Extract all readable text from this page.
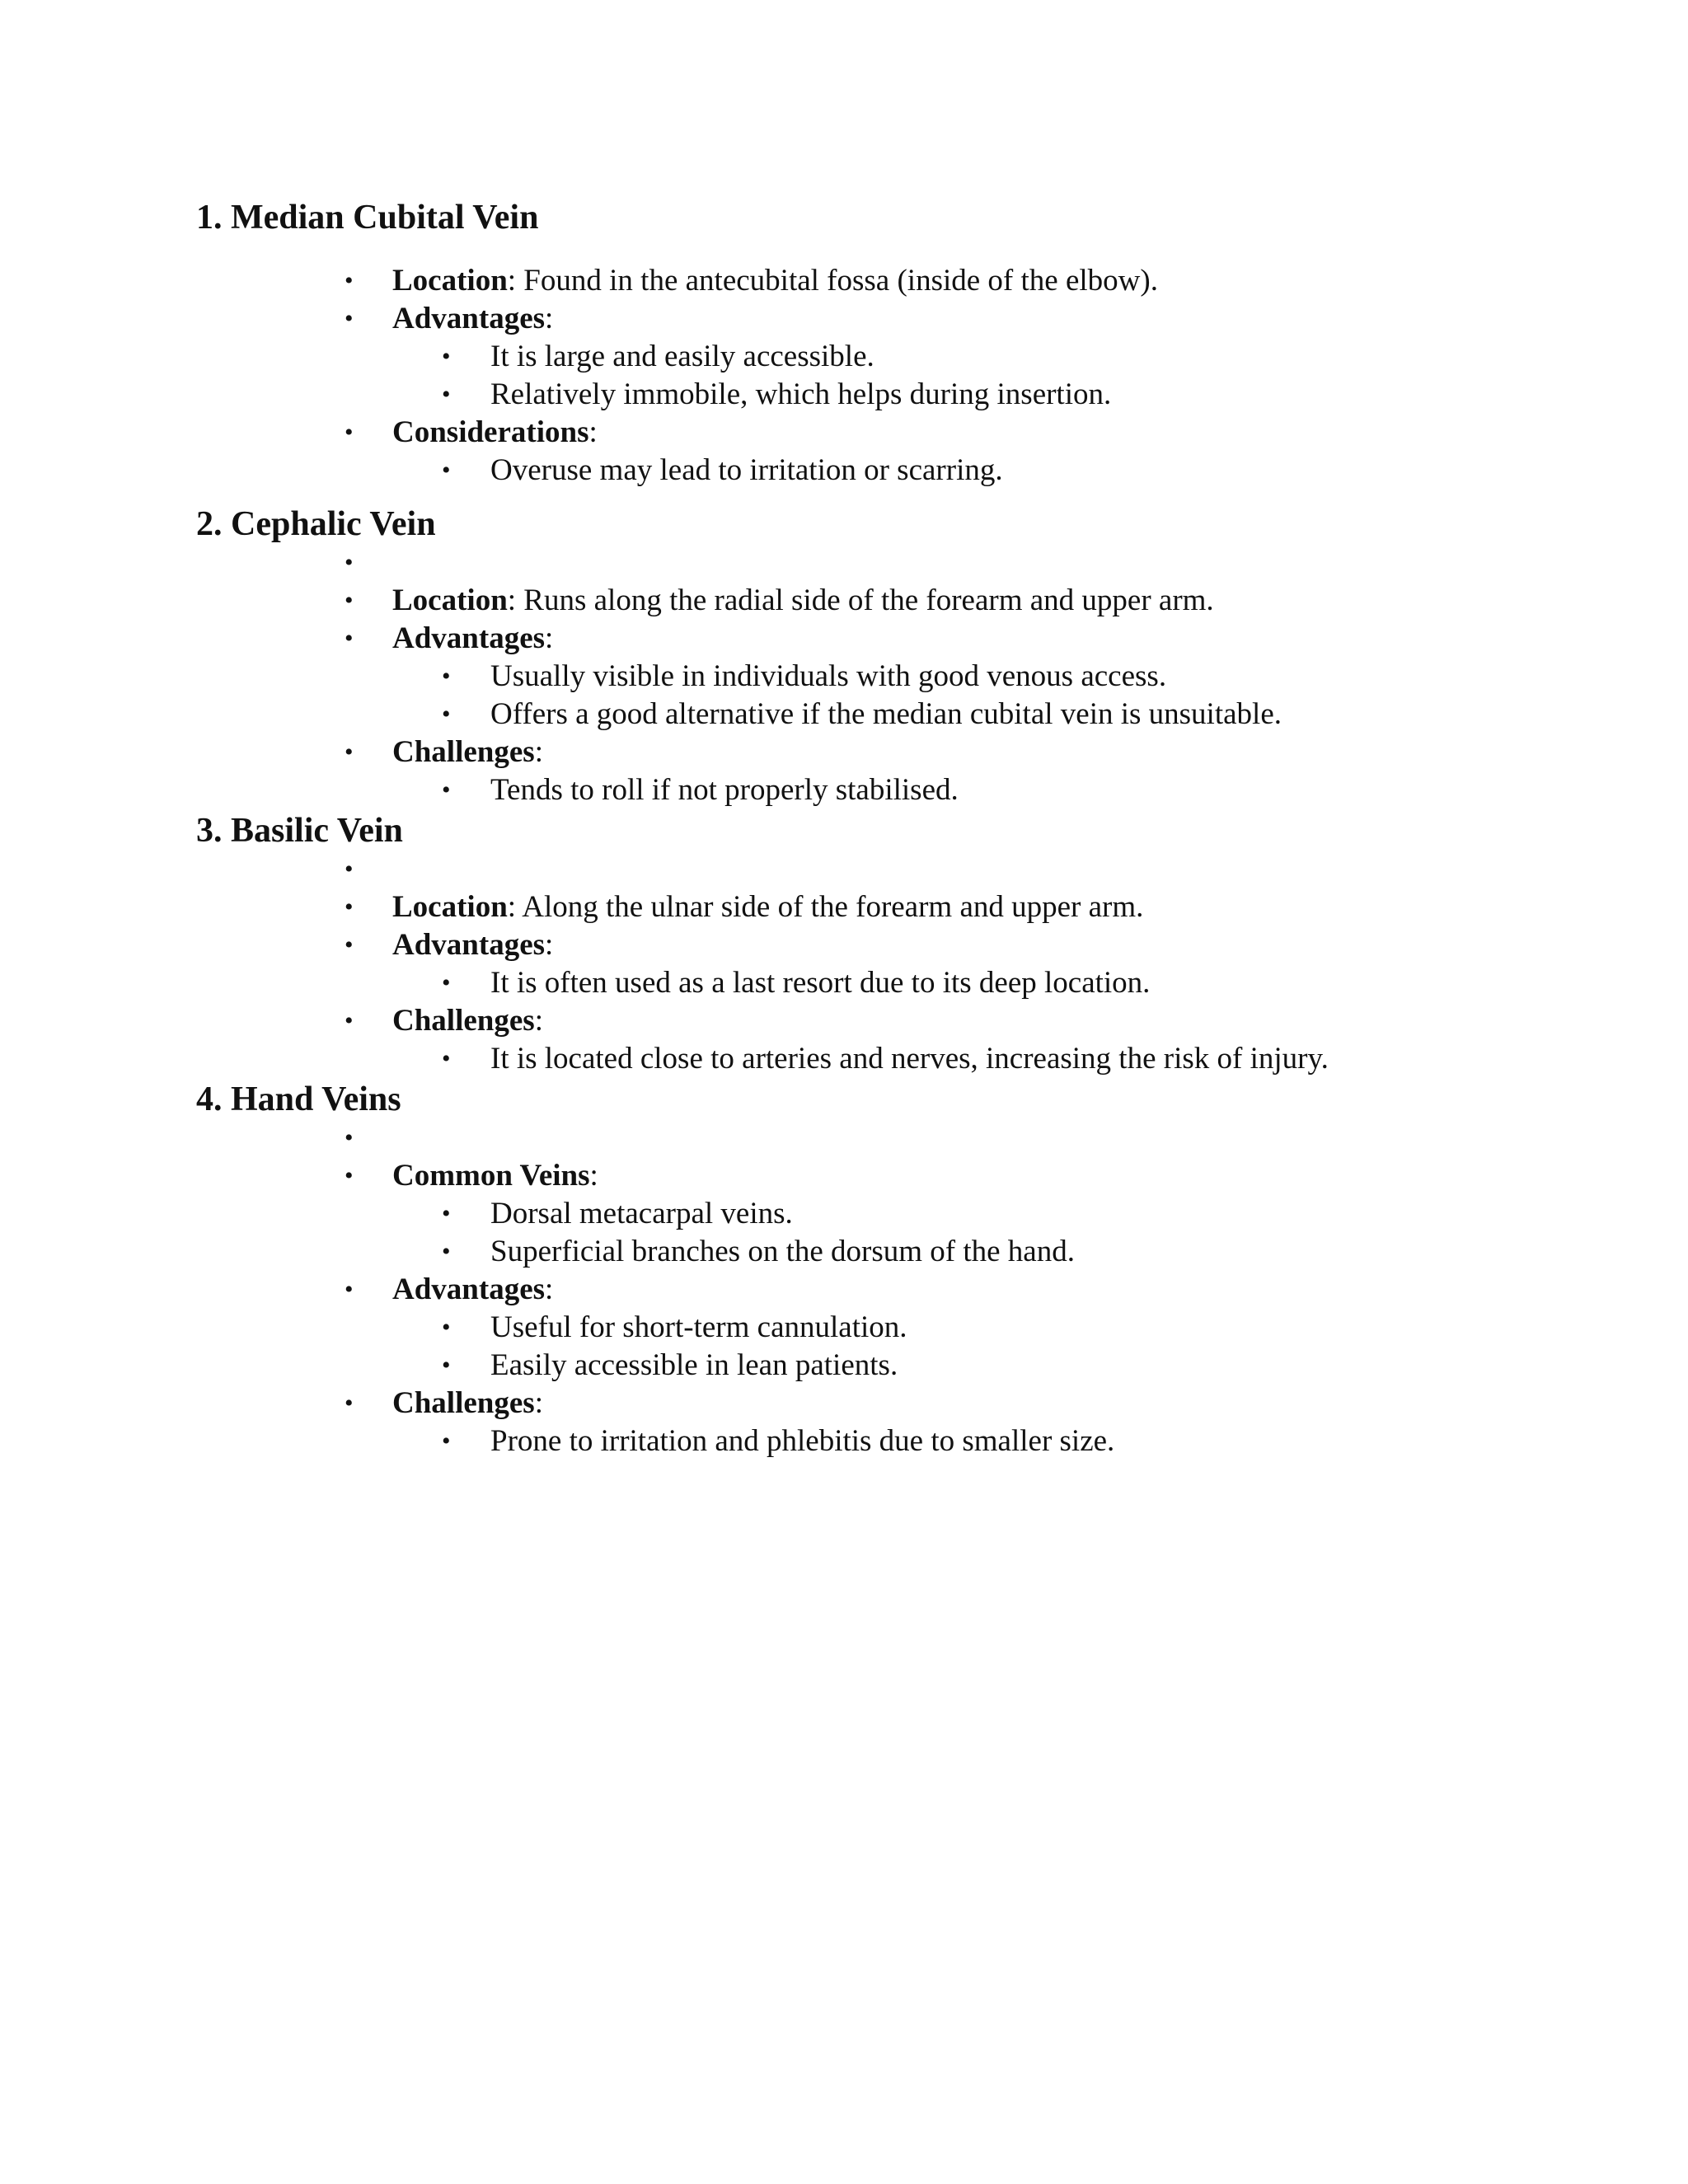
1. Median Cubital Vein
• Location: Found in the antecubital fossa (inside of the elbow).
• Advantages:
• It is large and easily accessible.
• Relatively immobile, which helps during insertion.
• Considerations:
• Overuse may lead to irritation or scarring.
2. Cephalic Vein
•

• Location: Runs along the radial side of the forearm and upper arm.
• Advantages:
• Usually visible in individuals with good venous access.
• Offers a good alternative if the median cubital vein is unsuitable.
• Challenges:
• Tends to roll if not properly stabilised.
3. Basilic Vein
•

• Location: Along the ulnar side of the forearm and upper arm.
• Advantages:
• It is often used as a last resort due to its deep location.
• Challenges:
• It is located close to arteries and nerves, increasing the risk of injury.
4. Hand Veins
•

• Common Veins:
• Dorsal metacarpal veins.
• Superficial branches on the dorsum of the hand.
• Advantages:
• Useful for short-term cannulation.
• Easily accessible in lean patients.
• Challenges:
• Prone to irritation and phlebitis due to smaller size.
